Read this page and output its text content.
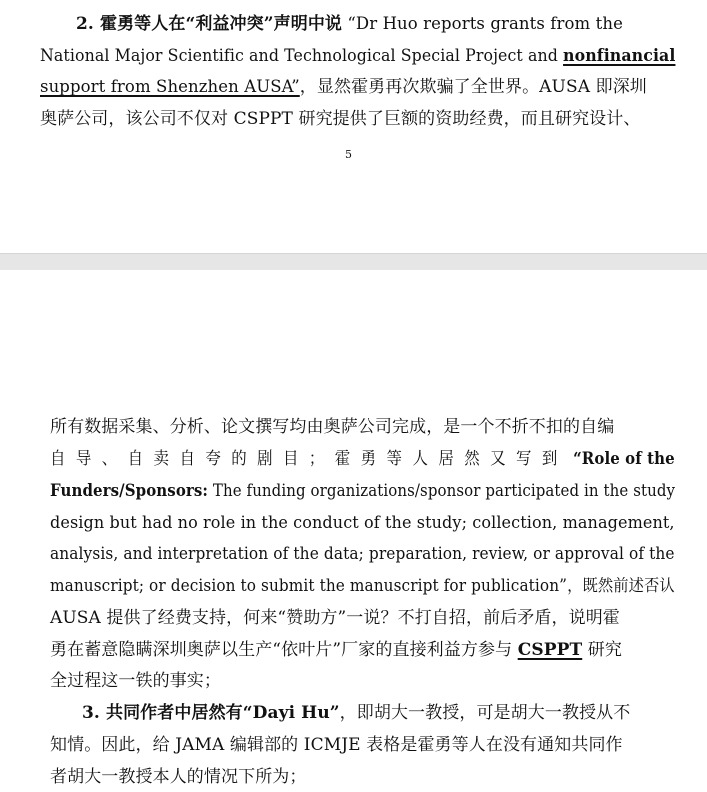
2. 霍勇等人在“利益冲突”声明中说 “Dr Huo reports grants from the
National Major Scientific and Technological Special Project and nonfinancial
support from Shenzhen AUSA”，显然霍勇再次欺骗了全世界。AUSA 即深圳
奥萨公司，该公司不仅对 CSPPT 研究提供了巨额的资助经费，而且研究设计、
5
所有数据采集、分析、论文撰写均由奥萨公司完成，是一个不折不扣的自编
自导、自卖自夸的剧目；霍勇等人居然又写到 “Role of the
Funders/Sponsors: The funding organizations/sponsor participated in the study
design but had no role in the conduct of the study; collection, management,
analysis, and interpretation of the data; preparation, review, or approval of the
manuscript; or decision to submit the manuscript for publication”，既然前述否认
AUSA 提供了经费支持，何来“赞助方”一说？不打自招，前后矛盾，说明霍
勇在蓄意隐瞒深圳奥萨以生产“依叶片”厂家的直接利益方参与 CSPPT 研究
全过程这一铁的事实；
3. 共同作者中居然有“Dayi Hu”，即胡大一教授，可是胡大一教授从不
知情。因此，给 JAMA 编辑部的 ICMJE 表格是霍勇等人在没有通知共同作
者胡大一教授本人的情况下所为；
